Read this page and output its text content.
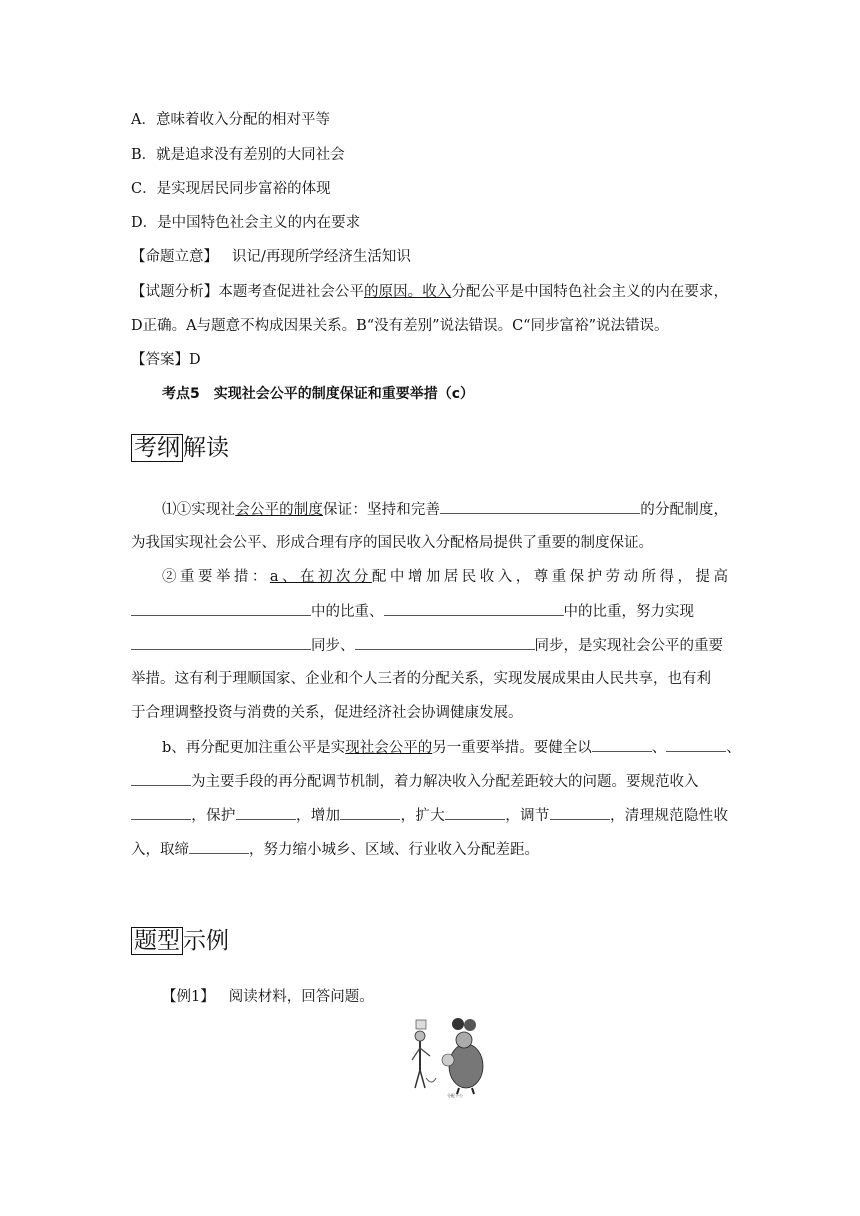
A．意味着收入分配的相对平等
B．就是追求没有差别的大同社会
C．是实现居民同步富裕的体现
D．是中国特色社会主义的内在要求
【命题立意】 识记/再现所学经济生活知识
【试题分析】本题考查促进社会公平的原因。收入分配公平是中国特色社会主义的内在要求，
D正确。A与题意不构成因果关系。B“没有差别”说法错误。C“同步富裕”说法错误。
【答案】D
考点5　实现社会公平的制度保证和重要举措（c）
考纲 解读
⑴①实现社会公平的制度保证：坚持和完善	的分配制度，
为我国实现社会公平、形成合理有序的国民收入分配格局提供了重要的制度保证。
②重要举措：a、在初次分配中增加居民收入，尊重保护劳动所得，提高
中的比重、	中的比重，努力实现
同步、	同步，是实现社会公平的重要
举措。这有利于理顺国家、企业和个人三者的分配关系，实现发展成果由人民共享，也有利
于合理调整投资与消费的关系，促进经济社会协调健康发展。
b、再分配更加注重公平是实现社会公平的另一重要举措。要健全以	、	、
为主要手段的再分配调节机制，着力解决收入分配差距较大的问题。要规范收入
，保护	，增加	，扩大	，调节	，清理规范隐性收
入，取缔	，努力缩小城乡、区域、行业收入分配差距。
题型 示例
【例1】 阅读材料，回答问题。
分配不公
